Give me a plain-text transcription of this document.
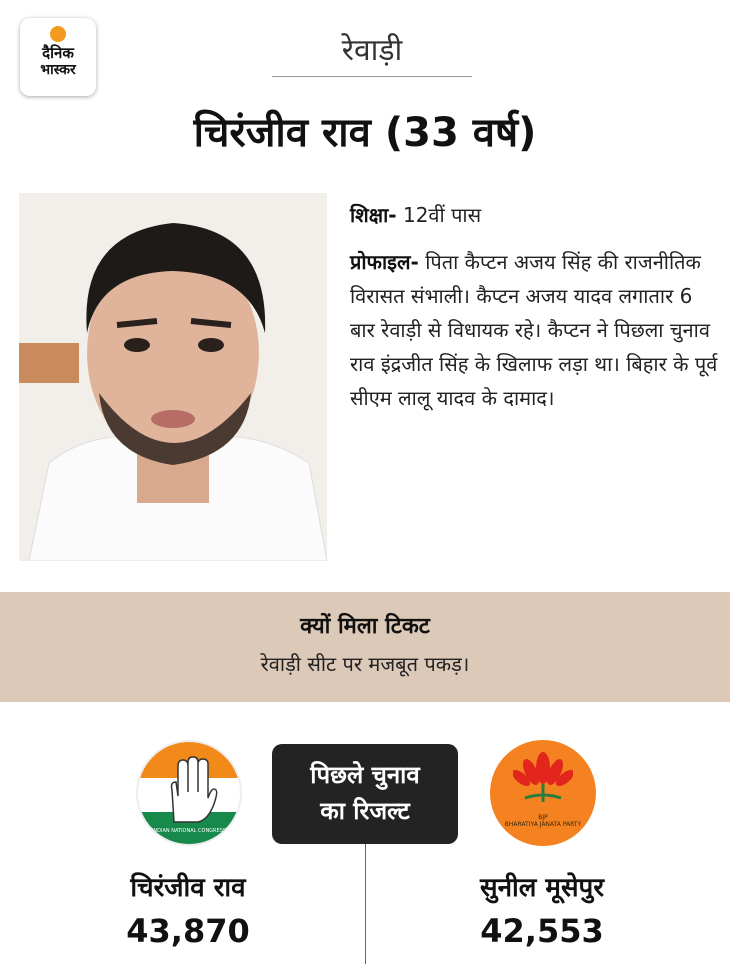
दैनिक
भास्कर
रेवाड़ी
चिरंजीव राव (33 वर्ष)

शिक्षा- 12वीं पास

प्रोफाइल- पिता कैप्टन अजय सिंह की राजनीतिक विरासत संभाली। कैप्टन अजय यादव लगातार 6 बार रेवाड़ी से विधायक रहे। कैप्टन ने पिछला चुनाव राव इंद्रजीत सिंह के खिलाफ लड़ा था। बिहार के पूर्व सीएम लालू यादव के दामाद।

क्यों मिला टिकट
रेवाड़ी सीट पर मजबूत पकड़।
INDIAN NATIONAL CONGRESS
BJP
BHARATIYA JANATA PARTY
पिछले चुनाव
का रिजल्ट
चिरंजीव राव
43,870
सुनील मूसेपुर
42,553
